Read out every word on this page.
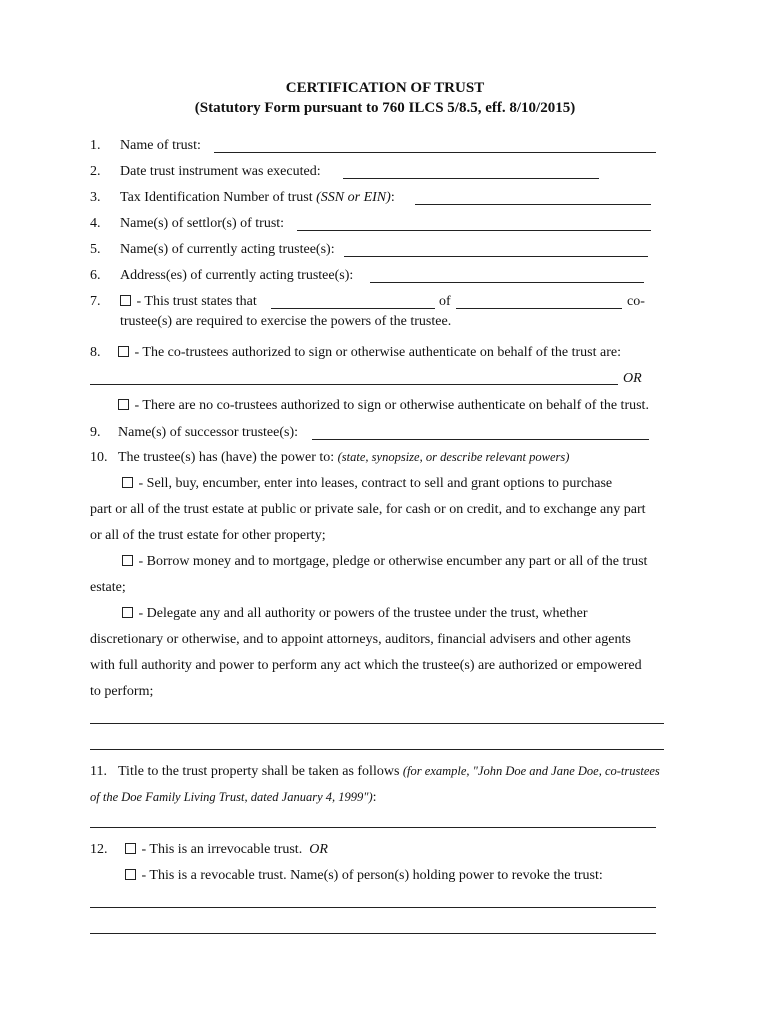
CERTIFICATION OF TRUST
(Statutory Form pursuant to 760 ILCS 5/8.5, eff. 8/10/2015)
1. Name of trust:
2. Date trust instrument was executed:
3. Tax Identification Number of trust (SSN or EIN):
4. Name(s) of settlor(s) of trust:
5. Name(s) of currently acting trustee(s):
6. Address(es) of currently acting trustee(s):
7.	- This trust states that	of	co-
trustee(s) are required to exercise the powers of the trustee.
8.	- The co-trustees authorized to sign or otherwise authenticate on behalf of the trust are:
OR
- There are no co-trustees authorized to sign or otherwise authenticate on behalf of the trust.
9. Name(s) of successor trustee(s):
10. The trustee(s) has (have) the power to: (state, synopsize, or describe relevant powers)
- Sell, buy, encumber, enter into leases, contract to sell and grant options to purchase
part or all of the trust estate at public or private sale, for cash or on credit, and to exchange any part
or all of the trust estate for other property;
- Borrow money and to mortgage, pledge or otherwise encumber any part or all of the trust
estate;
- Delegate any and all authority or powers of the trustee under the trust, whether
discretionary or otherwise, and to appoint attorneys, auditors, financial advisers and other agents
with full authority and power to perform any act which the trustee(s) are authorized or empowered
to perform;
11. Title to the trust property shall be taken as follows (for example, "John Doe and Jane Doe, co-trustees
of the Doe Family Living Trust, dated January 4, 1999"):
12.	- This is an irrevocable trust. OR
- This is a revocable trust. Name(s) of person(s) holding power to revoke the trust:
